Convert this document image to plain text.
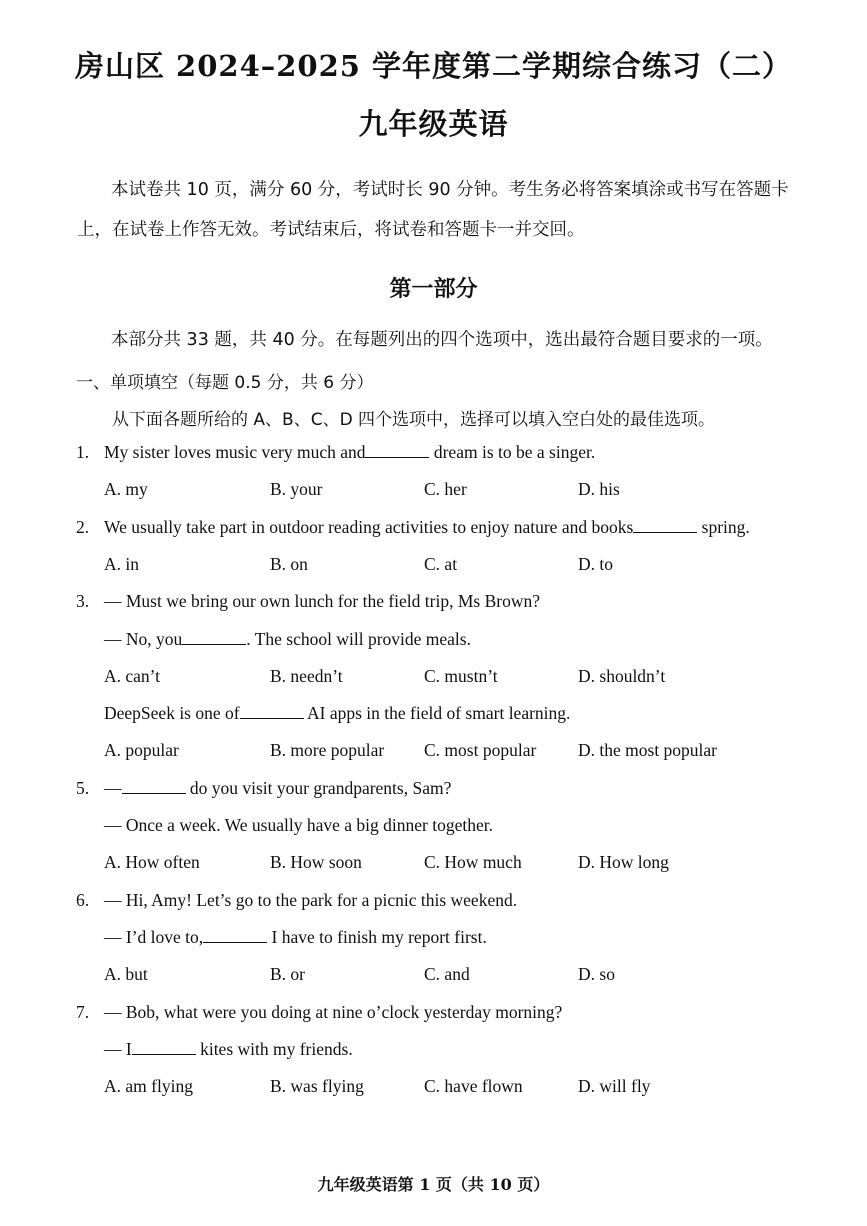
房山区 2024–2025 学年度第二学期综合练习（二）
九年级英语
本试卷共 10 页，满分 60 分，考试时长 90 分钟。考生务必将答案填涂或书写在答题卡上，在试卷上作答无效。考试结束后，将试卷和答题卡一并交回。
第一部分
本部分共 33 题，共 40 分。在每题列出的四个选项中，选出最符合题目要求的一项。
一、单项填空（每题 0.5 分，共 6 分）
从下面各题所给的 A、B、C、D 四个选项中，选择可以填入空白处的最佳选项。
1. My sister loves music very much and	dream is to be a singer.
A. my	B. your	C. her	D. his
2. We usually take part in outdoor reading activities to enjoy nature and books	spring.
A. in	B. on	C. at	D. to
3. — Must we bring our own lunch for the field trip, Ms Brown?
— No, you	. The school will provide meals.
A. can’t	B. needn’t	C. mustn’t	D. shouldn’t
DeepSeek is one of	AI apps in the field of smart learning.
A. popular	B. more popular C. most popular D. the most popular
5. —	do you visit your grandparents, Sam?
— Once a week. We usually have a big dinner together.
A. How often	B. How soon	C. How much	D. How long
6. — Hi, Amy! Let’s go to the park for a picnic this weekend.
— I’d love to,	I have to finish my report first.
A. but	B. or	C. and	D. so
7. — Bob, what were you doing at nine o’clock yesterday morning?
— I	kites with my friends.
A. am flying	B. was flying	C. have flown	D. will fly
九年级英语第 1 页（共 10 页）
